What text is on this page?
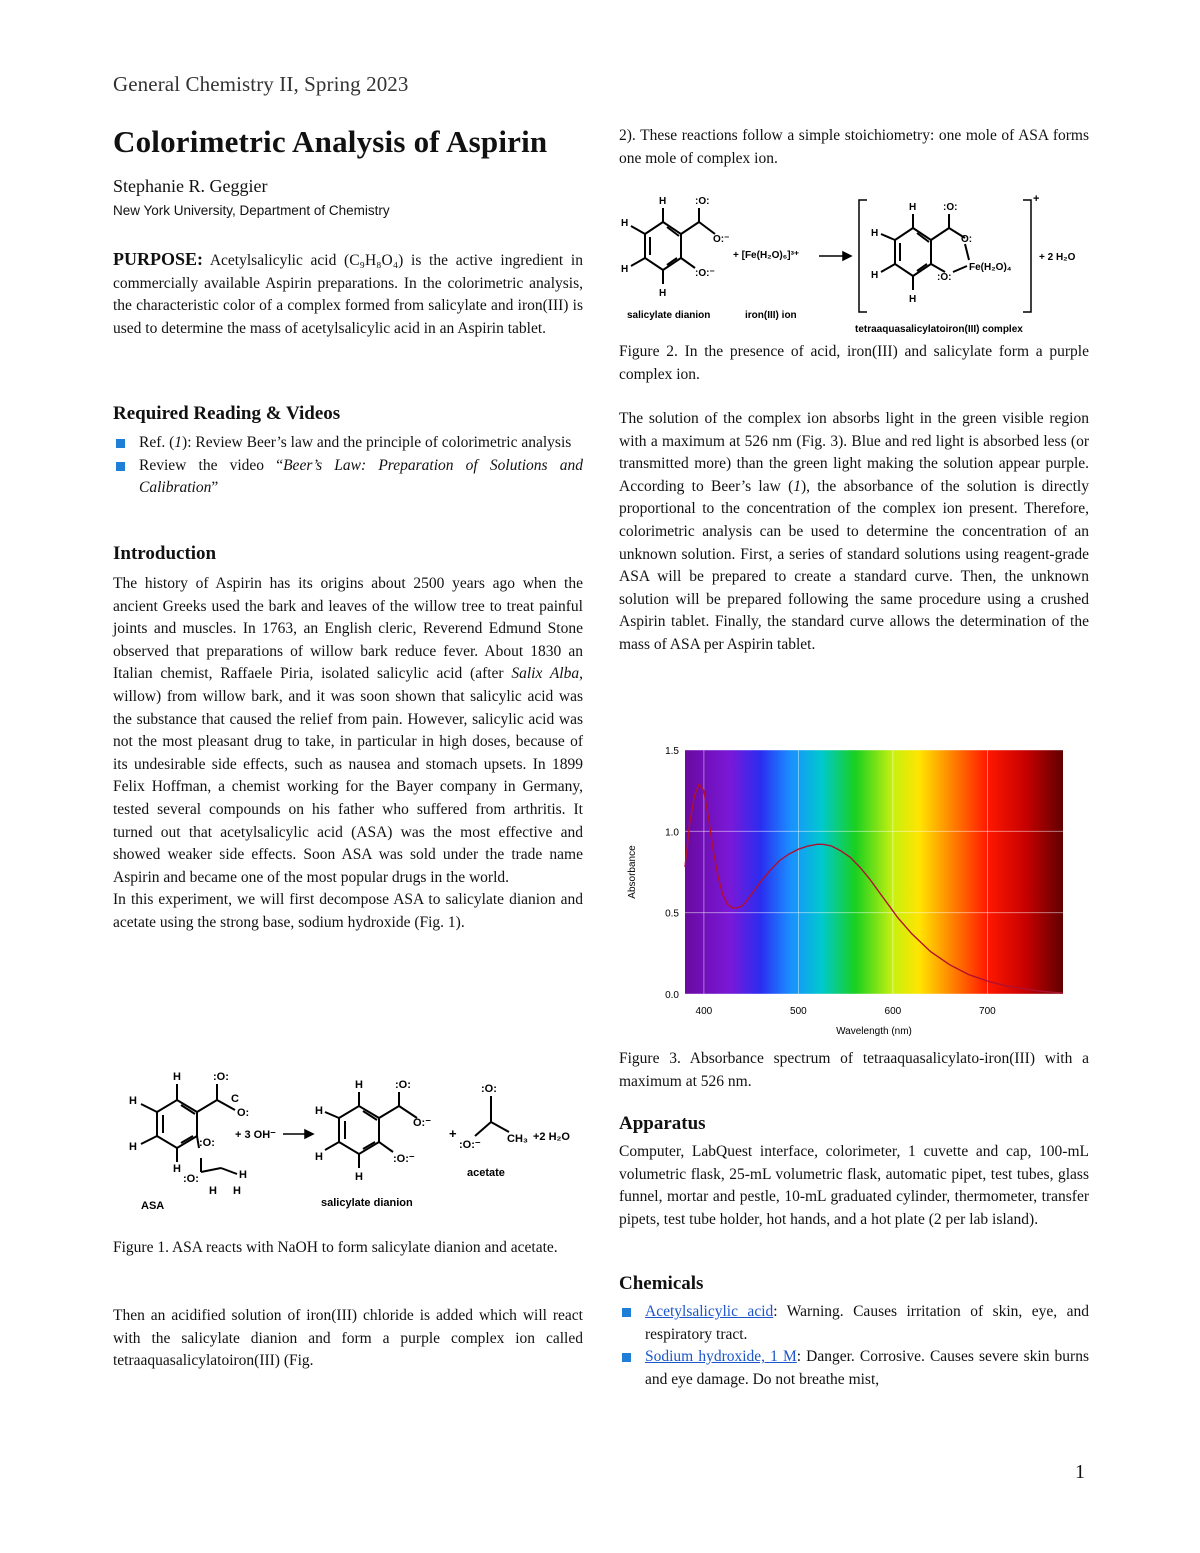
General Chemistry II, Spring 2023
Colorimetric Analysis of Aspirin
Stephanie R. Geggier
New York University, Department of Chemistry

PURPOSE: Acetylsalicylic acid (C₉H₈O₄) is the active ingredient in commercially available Aspirin preparations. In the colorimetric analysis, the characteristic color of a complex formed from salicylate and iron(III) is used to determine the mass of acetylsalicylic acid in an Aspirin tablet.

Required Reading & Videos
Ref. (1): Review Beer’s law and the principle of colorimetric analysis
Review the video “Beer’s Law: Preparation of Solutions and Calibration”
Introduction

The history of Aspirin has its origins about 2500 years ago when the ancient Greeks used the bark and leaves of the willow tree to treat painful joints and muscles. In 1763, an English cleric, Reverend Edmund Stone observed that preparations of willow bark reduce fever. About 1830 an Italian chemist, Raffaele Piria, isolated salicylic acid (after Salix Alba, willow) from willow bark, and it was soon shown that salicylic acid was the substance that caused the relief from pain. However, salicylic acid was not the most pleasant drug to take, in particular in high doses, because of its undesirable side effects, such as nausea and stomach upsets. In 1899 Felix Hoffman, a chemist working for the Bayer company in Germany, tested several compounds on his father who suffered from arthritis. It turned out that acetylsalicylic acid (ASA) was the most effective and showed weaker side effects. Soon ASA was sold under the trade name Aspirin and became one of the most popular drugs in the world.

In this experiment, we will first decompose ASA to salicylate dianion and acetate using the strong base, sodium hydroxide (Fig. 1).

H	:O:
H
H
C
O:
:O:
H	H
H H
:O:
ASA
+ 3 OH⁻
H	:O:
H
H
O:⁻
:O:⁻
H
salicylate dianion
+
:O:
:O:⁻ CH₃
acetate
+2 H₂O

Figure 1. ASA reacts with NaOH to form salicylate dianion and acetate.

Then an acidified solution of iron(III) chloride is added which will react with the salicylate dianion and form a purple complex ion called tetraaquasalicylatoiron(III) (Fig.

2). These reactions follow a simple stoichiometry: one mole of ASA forms one mole of complex ion.

H	:O:
H
H
O:⁻
:O:⁻
H
salicylate dianion
+ [Fe(H₂O)₆]³⁺
iron(III) ion
+
H	:O:
H
H
O:
:O:
H
Fe(H₂O)₄
+ 2 H₂O
tetraaquasalicylatoiron(III) complex

Figure 2. In the presence of acid, iron(III) and salicylate form a purple complex ion.

The solution of the complex ion absorbs light in the green visible region with a maximum at 526 nm (Fig. 3). Blue and red light is absorbed less (or transmitted more) than the green light making the solution appear purple. According to Beer’s law (1), the absorbance of the solution is directly proportional to the concentration of the complex ion present. Therefore, colorimetric analysis can be used to determine the concentration of an unknown solution. First, a series of standard solutions using reagent-grade ASA will be prepared to create a standard curve. Then, the unknown solution will be prepared following the same procedure using a crushed Aspirin tablet. Finally, the standard curve allows the determination of the mass of ASA per Aspirin tablet.

0.0
0.5
1.0
1.5
400	500	600	700
Absorbance
Wavelength (nm)

Figure 3. Absorbance spectrum of tetraaquasalicylato-iron(III) with a maximum at 526 nm.

Apparatus

Computer, LabQuest interface, colorimeter, 1 cuvette and cap, 100-mL volumetric flask, 25-mL volumetric flask, automatic pipet, test tubes, glass funnel, mortar and pestle, 10-mL graduated cylinder, thermometer, transfer pipets, test tube holder, hot hands, and a hot plate (2 per lab island).

Chemicals
Acetylsalicylic acid: Warning. Causes irritation of skin, eye, and respiratory tract.
Sodium hydroxide, 1 M: Danger. Corrosive. Causes severe skin burns and eye damage. Do not breathe mist,
1
